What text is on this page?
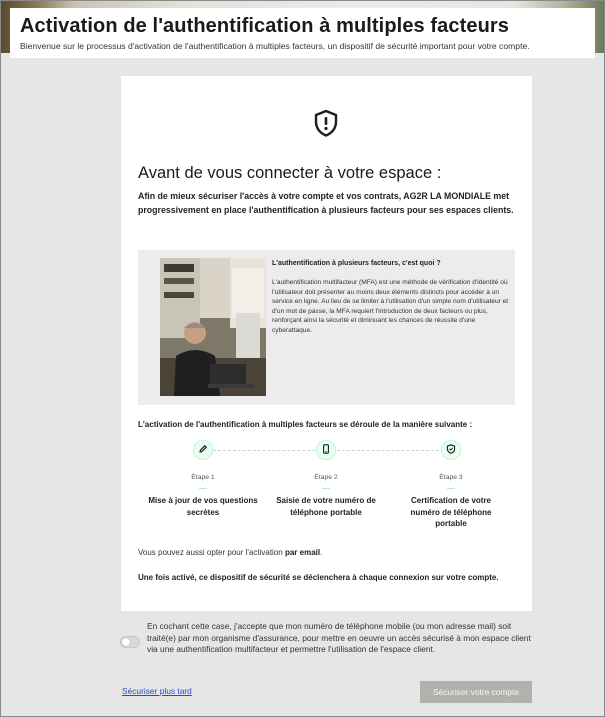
Activation de l'authentification à multiples facteurs

Bienvenue sur le processus d'activation de l'authentification à multiples facteurs, un dispositif de sécurité important pour votre compte.

Avant de vous connecter à votre espace :

Afin de mieux sécuriser l'accès à votre compte et vos contrats, AG2R LA MONDIALE met progressivement en place l'authentification à plusieurs facteurs pour ses espaces clients.

L'authentification à plusieurs facteurs, c'est quoi ?

L'authentification multifacteur (MFA) est une méthode de vérification d'identité où l'utilisateur doit présenter au moins deux éléments distincts pour accéder à un service en ligne. Au lieu de se limiter à l'utilisation d'un simple nom d'utilisateur et d'un mot de passe, la MFA requiert l'introduction de deux facteurs ou plus, renforçant ainsi la sécurité et diminuant les chances de réussite d'une cyberattaque.

L'activation de l'authentification à multiples facteurs se déroule de la manière suivante :

Étape 1

Mise à jour de vos questions secrètes

Étape 2

Saisie de votre numéro de téléphone portable

Étape 3

Certification de votre numéro de téléphone portable

Vous pouvez aussi opter pour l'activation par email.

Une fois activé, ce dispositif de sécurité se déclenchera à chaque connexion sur votre compte.

En cochant cette case, j'accepte que mon numéro de téléphone mobile (ou mon adresse mail) soit traité(e) par mon organisme d'assurance, pour mettre en oeuvre un accès sécurisé à mon espace client via une authentification multifacteur et permettre l'utilisation de l'espace client.

Sécuriser plus tard	Sécuriser votre compte
